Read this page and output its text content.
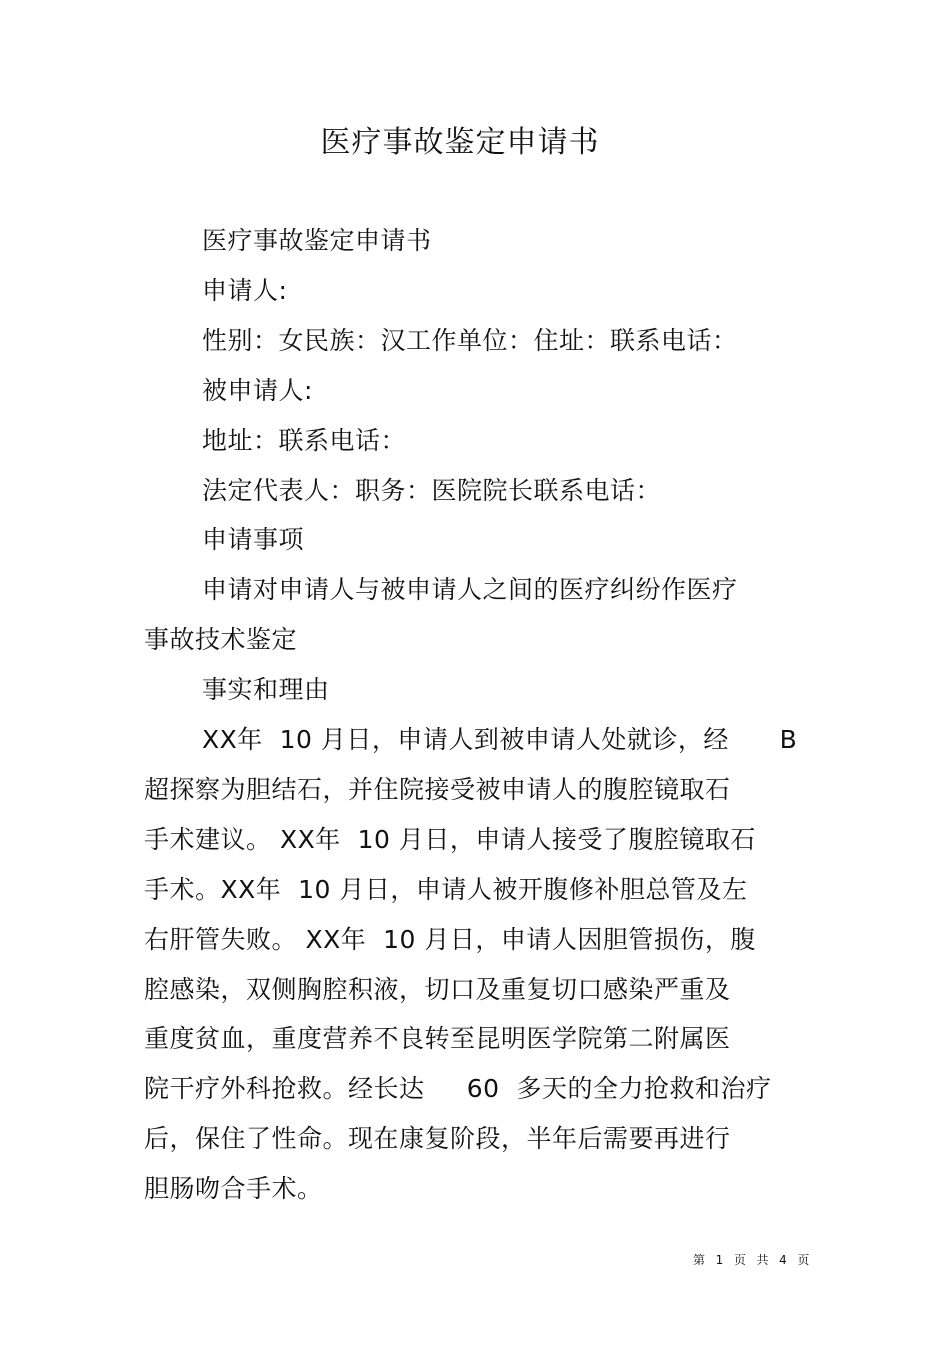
医疗事故鉴定申请书
医疗事故鉴定申请书
申请人:
性别：女民族：汉工作单位：住址：联系电话：
被申请人:
地址：联系电话：
法定代表人：职务：医院院长联系电话：
申请事项
申请对申请人与被申请人之间的医疗纠纷作医疗
事故技术鉴定
事实和理由
XX年  10 月日，申请人到被申请人处就诊，经      B
超探察为胆结石，并住院接受被申请人的腹腔镜取石
手术建议。 XX年  10 月日，申请人接受了腹腔镜取石
手术。XX年  10 月日，申请人被开腹修补胆总管及左
右肝管失败。 XX年  10 月日，申请人因胆管损伤，腹
腔感染，双侧胸腔积液，切口及重复切口感染严重及
重度贫血，重度营养不良转至昆明医学院第二附属医
院干疗外科抢救。经长达     60  多天的全力抢救和治疗
后，保住了性命。现在康复阶段，半年后需要再进行
胆肠吻合手术。
第  1  页  共  4  页
